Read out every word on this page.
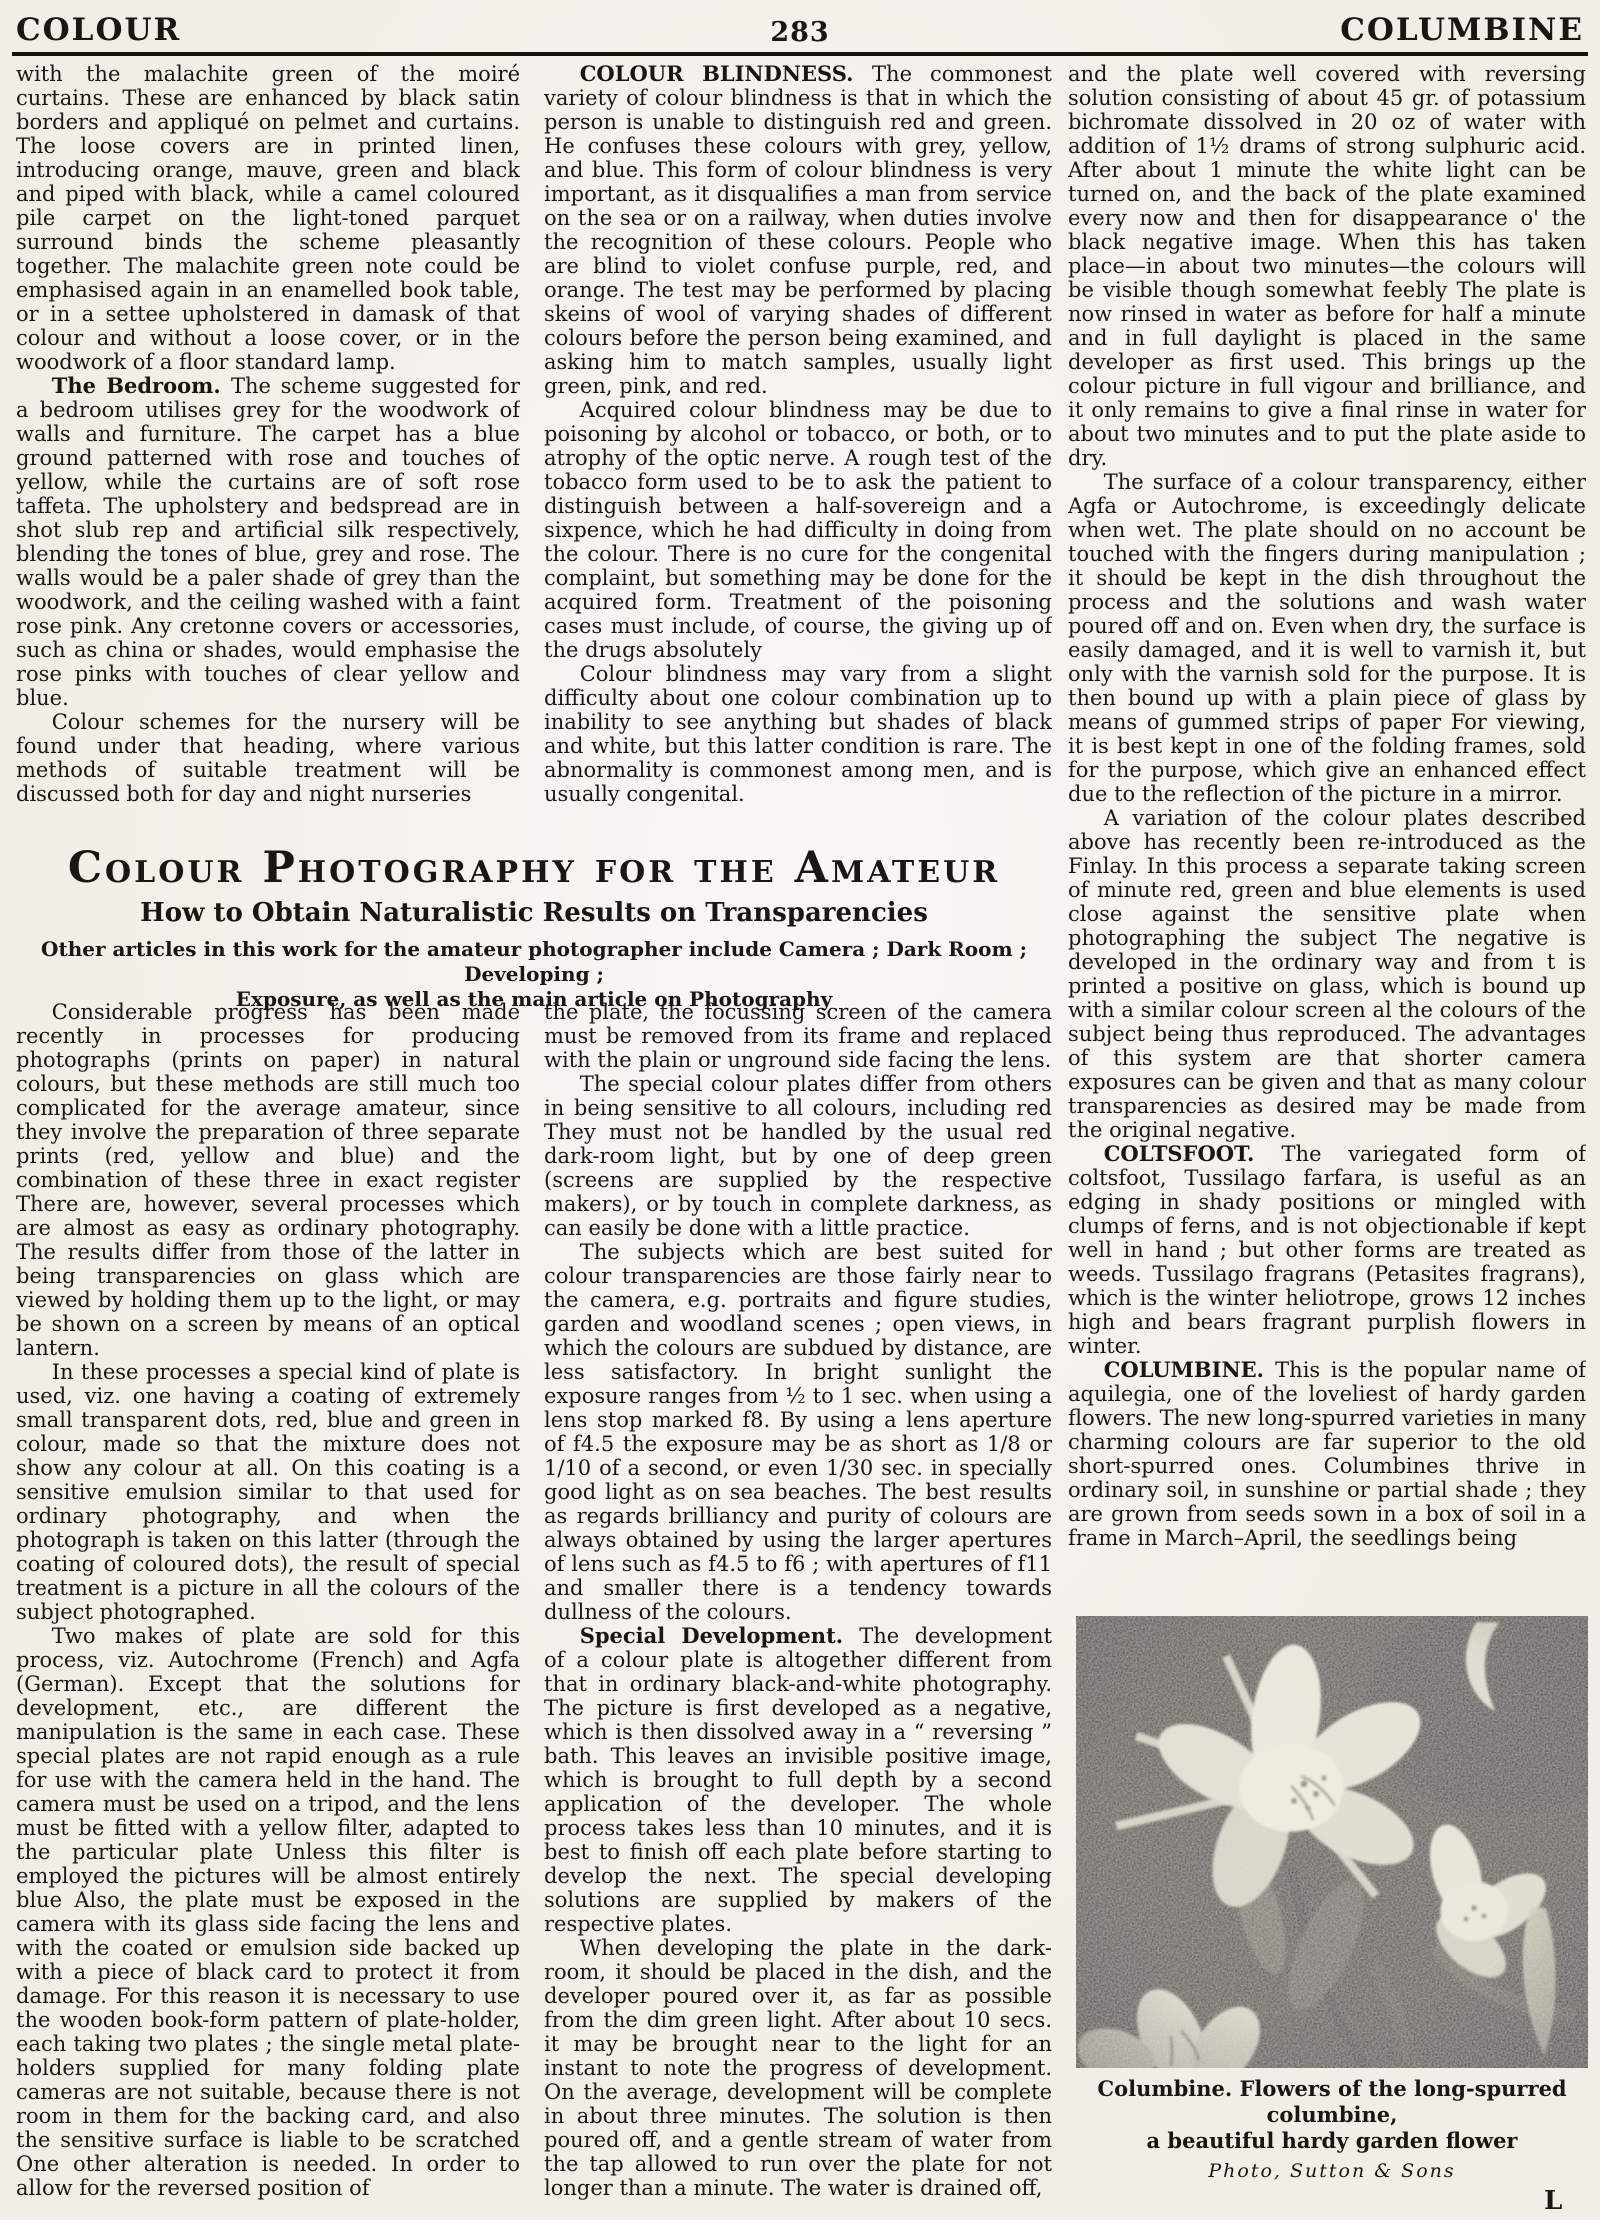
COLOUR	283	COLUMBINE

with the malachite green of the moiré curtains. These are enhanced by black satin borders and appliqué on pelmet and curtains. The loose covers are in printed linen, introducing orange, mauve, green and black and piped with black, while a camel coloured pile carpet on the light-toned parquet surround binds the scheme pleasantly together. The malachite green note could be emphasised again in an enamelled book table, or in a settee upholstered in damask of that colour and without a loose cover, or in the woodwork of a floor standard lamp.

The Bedroom. The scheme suggested for a bedroom utilises grey for the woodwork of walls and furniture. The carpet has a blue ground patterned with rose and touches of yellow, while the curtains are of soft rose taffeta. The upholstery and bedspread are in shot slub rep and artificial silk respectively, blending the tones of blue, grey and rose. The walls would be a paler shade of grey than the woodwork, and the ceiling washed with a faint rose pink. Any cretonne covers or accessories, such as china or shades, would emphasise the rose pinks with touches of clear yellow and blue.

Colour schemes for the nursery will be found under that heading, where various methods of suitable treatment will be discussed both for day and night nurseries

COLOUR BLINDNESS. The commonest variety of colour blindness is that in which the person is unable to distinguish red and green. He confuses these colours with grey, yellow, and blue. This form of colour blindness is very important, as it disqualifies a man from service on the sea or on a railway, when duties involve the recognition of these colours. People who are blind to violet confuse purple, red, and orange. The test may be performed by placing skeins of wool of varying shades of different colours before the person being examined, and asking him to match samples, usually light green, pink, and red.

Acquired colour blindness may be due to poisoning by alcohol or tobacco, or both, or to atrophy of the optic nerve. A rough test of the tobacco form used to be to ask the patient to distinguish between a half-sovereign and a sixpence, which he had difficulty in doing from the colour. There is no cure for the congenital complaint, but something may be done for the acquired form. Treatment of the poisoning cases must include, of course, the giving up of the drugs absolutely

Colour blindness may vary from a slight difficulty about one colour combination up to inability to see anything but shades of black and white, but this latter condition is rare. The abnormality is commonest among men, and is usually congenital.

and the plate well covered with reversing solution consisting of about 45 gr. of potassium bichromate dissolved in 20 oz of water with addition of 1½ drams of strong sulphuric acid. After about 1 minute the white light can be turned on, and the back of the plate examined every now and then for disappearance o' the black negative image. When this has taken place—in about two minutes—the colours will be visible though somewhat feebly The plate is now rinsed in water as before for half a minute and in full daylight is placed in the same developer as first used. This brings up the colour picture in full vigour and brilliance, and it only remains to give a final rinse in water for about two minutes and to put the plate aside to dry.

The surface of a colour transparency, either Agfa or Autochrome, is exceedingly delicate when wet. The plate should on no account be touched with the fingers during manipulation ; it should be kept in the dish throughout the process and the solutions and wash water poured off and on. Even when dry, the surface is easily damaged, and it is well to varnish it, but only with the varnish sold for the purpose. It is then bound up with a plain piece of glass by means of gummed strips of paper For viewing, it is best kept in one of the folding frames, sold for the purpose, which give an enhanced effect due to the reflection of the picture in a mirror.

A variation of the colour plates described above has recently been re-introduced as the Finlay. In this process a separate taking screen of minute red, green and blue elements is used close against the sensitive plate when photographing the subject The negative is developed in the ordinary way and from t is printed a positive on glass, which is bound up with a similar colour screen al the colours of the subject being thus reproduced. The advantages of this system are that shorter camera exposures can be given and that as many colour transparencies as desired may be made from the original negative.

COLTSFOOT. The variegated form of coltsfoot, Tussilago farfara, is useful as an edging in shady positions or mingled with clumps of ferns, and is not objectionable if kept well in hand ; but other forms are treated as weeds. Tussilago fragrans (Petasites fragrans), which is the winter heliotrope, grows 12 inches high and bears fragrant purplish flowers in winter.

COLUMBINE. This is the popular name of aquilegia, one of the loveliest of hardy garden flowers. The new long-spurred varieties in many charming colours are far superior to the old short-spurred ones. Columbines thrive in ordinary soil, in sunshine or partial shade ; they are grown from seeds sown in a box of soil in a frame in March–April, the seedlings being

Colour Photography for the Amateur
How to Obtain Naturalistic Results on Transparencies

Other articles in this work for the amateur photographer include Camera ; Dark Room ; Developing ;
Exposure, as well as the main article on Photography

Considerable progress has been made recently in processes for producing photographs (prints on paper) in natural colours, but these methods are still much too complicated for the average amateur, since they involve the preparation of three separate prints (red, yellow and blue) and the combination of these three in exact register There are, however, several processes which are almost as easy as ordinary photography. The results differ from those of the latter in being transparencies on glass which are viewed by holding them up to the light, or may be shown on a screen by means of an optical lantern.

In these processes a special kind of plate is used, viz. one having a coating of extremely small transparent dots, red, blue and green in colour, made so that the mixture does not show any colour at all. On this coating is a sensitive emulsion similar to that used for ordinary photography, and when the photograph is taken on this latter (through the coating of coloured dots), the result of special treatment is a picture in all the colours of the subject photographed.

Two makes of plate are sold for this process, viz. Autochrome (French) and Agfa (German). Except that the solutions for development, etc., are different the manipulation is the same in each case. These special plates are not rapid enough as a rule for use with the camera held in the hand. The camera must be used on a tripod, and the lens must be fitted with a yellow filter, adapted to the particular plate Unless this filter is employed the pictures will be almost entirely blue Also, the plate must be exposed in the camera with its glass side facing the lens and with the coated or emulsion side backed up with a piece of black card to protect it from damage. For this reason it is necessary to use the wooden book-form pattern of plate-holder, each taking two plates ; the single metal plate-holders supplied for many folding plate cameras are not suitable, because there is not room in them for the backing card, and also the sensitive surface is liable to be scratched One other alteration is needed. In order to allow for the reversed position of

the plate, the focussing screen of the camera must be removed from its frame and replaced with the plain or unground side facing the lens.

The special colour plates differ from others in being sensitive to all colours, including red They must not be handled by the usual red dark-room light, but by one of deep green (screens are supplied by the respective makers), or by touch in complete darkness, as can easily be done with a little practice.

The subjects which are best suited for colour transparencies are those fairly near to the camera, e.g. portraits and figure studies, garden and woodland scenes ; open views, in which the colours are subdued by distance, are less satisfactory. In bright sunlight the exposure ranges from ½ to 1 sec. when using a lens stop marked f8. By using a lens aperture of f4.5 the exposure may be as short as 1/8 or 1/10 of a second, or even 1/30 sec. in specially good light as on sea beaches. The best results as regards brilliancy and purity of colours are always obtained by using the larger apertures of lens such as f4.5 to f6 ; with apertures of f11 and smaller there is a tendency towards dullness of the colours.

Special Development. The development of a colour plate is altogether different from that in ordinary black-and-white photography. The picture is first developed as a negative, which is then dissolved away in a “ reversing ” bath. This leaves an invisible positive image, which is brought to full depth by a second application of the developer. The whole process takes less than 10 minutes, and it is best to finish off each plate before starting to develop the next. The special developing solutions are supplied by makers of the respective plates.

When developing the plate in the dark-room, it should be placed in the dish, and the developer poured over it, as far as possible from the dim green light. After about 10 secs. it may be brought near to the light for an instant to note the progress of development. On the average, development will be complete in about three minutes. The solution is then poured off, and a gentle stream of water from the tap allowed to run over the plate for not longer than a minute. The water is drained off,

Columbine. Flowers of the long-spurred columbine,
a beautiful hardy garden flower
Photo, Sutton & Sons
L
